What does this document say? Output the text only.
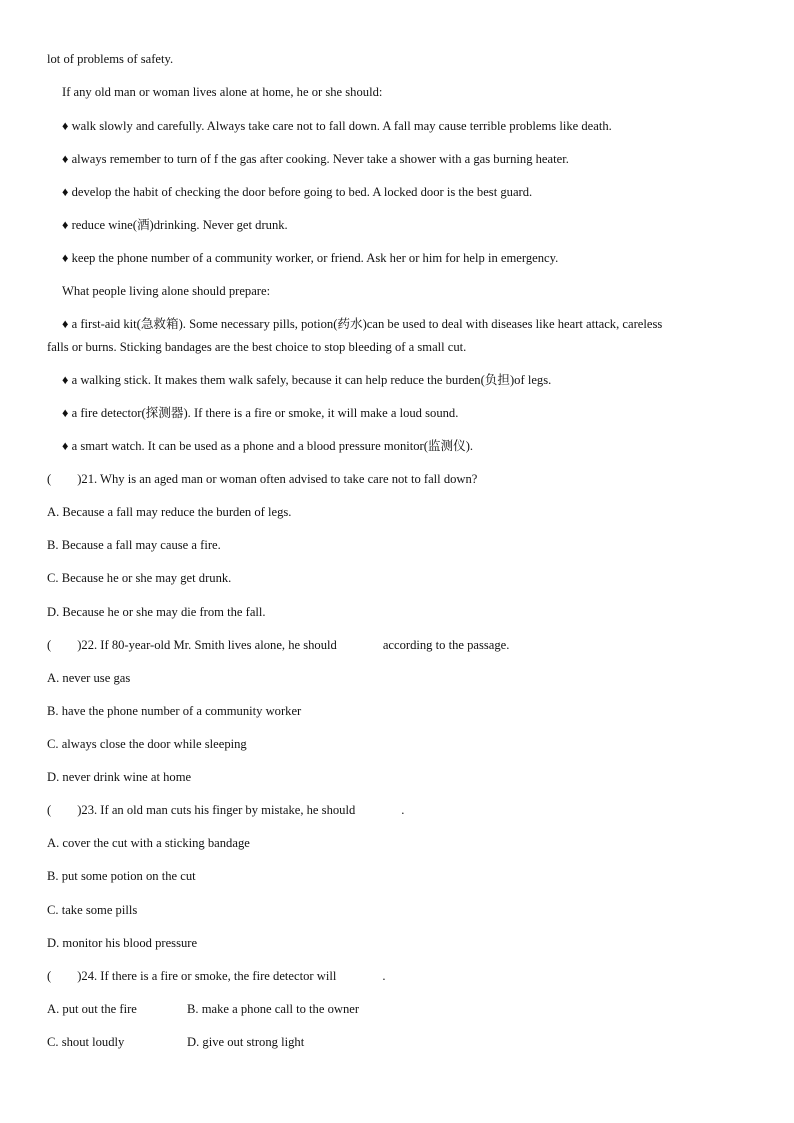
lot of problems of safety.
If any old man or woman lives alone at home, he or she should:
♦ walk slowly and carefully. Always take care not to fall down. A fall may cause terrible problems like death.
♦ always remember to turn of f the gas after cooking. Never take a shower with a gas burning heater.
♦ develop the habit of checking the door before going to bed. A locked door is the best guard.
♦ reduce wine(酒)drinking. Never get drunk.
♦ keep the phone number of a community worker, or friend. Ask her or him for help in emergency.
What people living alone should prepare:
♦ a first-aid kit(急救箱). Some necessary pills, potion(药水)can be used to deal with diseases like heart attack, careless
falls or burns. Sticking bandages are the best choice to stop bleeding of a small cut.
♦ a walking stick. It makes them walk safely, because it can help reduce the burden(负担)of legs.
♦ a fire detector(探测器). If there is a fire or smoke, it will make a loud sound.
♦ a smart watch. It can be used as a phone and a blood pressure monitor(监测仪).
( )21. Why is an aged man or woman often advised to take care not to fall down?
A. Because a fall may reduce the burden of legs.
B. Because a fall may cause a fire.
C. Because he or she may get drunk.
D. Because he or she may die from the fall.
( )22. If 80-year-old Mr. Smith lives alone, he should	according to the passage.
A. never use gas
B. have the phone number of a community worker
C. always close the door while sleeping
D. never drink wine at home
( )23. If an old man cuts his finger by mistake, he should	.
A. cover the cut with a sticking bandage
B. put some potion on the cut
C. take some pills
D. monitor his blood pressure
( )24. If there is a fire or smoke, the fire detector will	.
A. put out the fire	B. make a phone call to the owner
C. shout loudly	D. give out strong light
